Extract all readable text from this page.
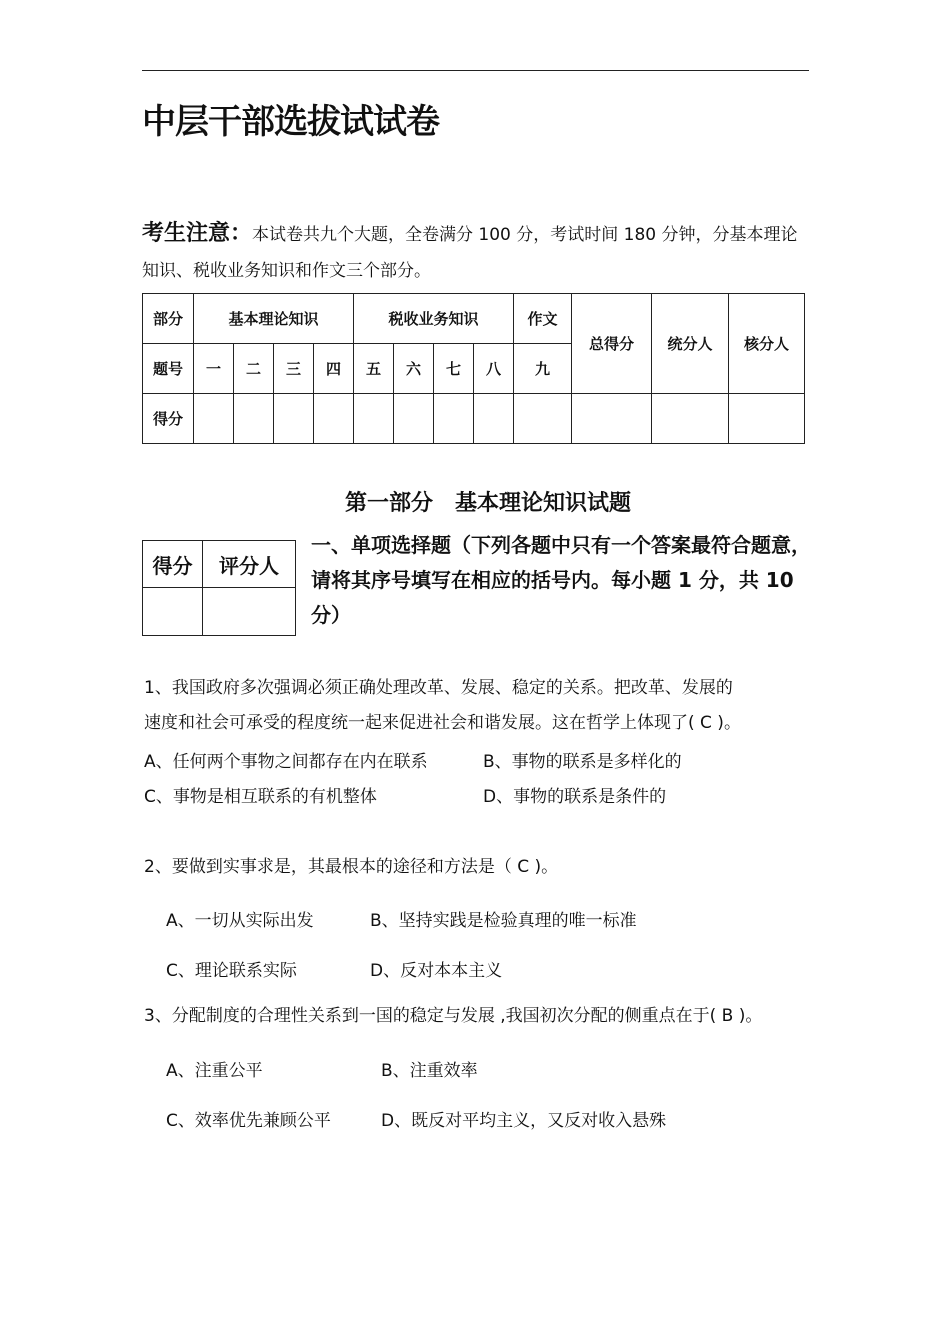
中层干部选拔试试卷
考生注意：本试卷共九个大题，全卷满分 100 分，考试时间 180 分钟，分基本理论知识、税收业务知识和作文三个部分。
部分	基本理论知识				税收业务知识				作文	总得分	统分人	核分人
题号	一	二	三	四	五	六	七	八	九			
得分												
第一部分　基本理论知识试题
得分	评分人

一、单项选择题（下列各题中只有一个答案最符合题意，请将其序号填写在相应的括号内。每小题 1 分，共 10 分）
1、我国政府多次强调必须正确处理改革、发展、稳定的关系。把改革、发展的
速度和社会可承受的程度统一起来促进社会和谐发展。这在哲学上体现了( C )。
A、任何两个事物之间都存在内在联系	B、事物的联系是多样化的
C、事物是相互联系的有机整体	D、事物的联系是条件的
2、要做到实事求是，其最根本的途径和方法是（ C )。
A、一切从实际出发	B、坚持实践是检验真理的唯一标准
C、理论联系实际	D、反对本本主义
3、分配制度的合理性关系到一国的稳定与发展 ,我国初次分配的侧重点在于( B )。
A、注重公平	B、注重效率
C、效率优先兼顾公平	D、既反对平均主义，又反对收入悬殊
